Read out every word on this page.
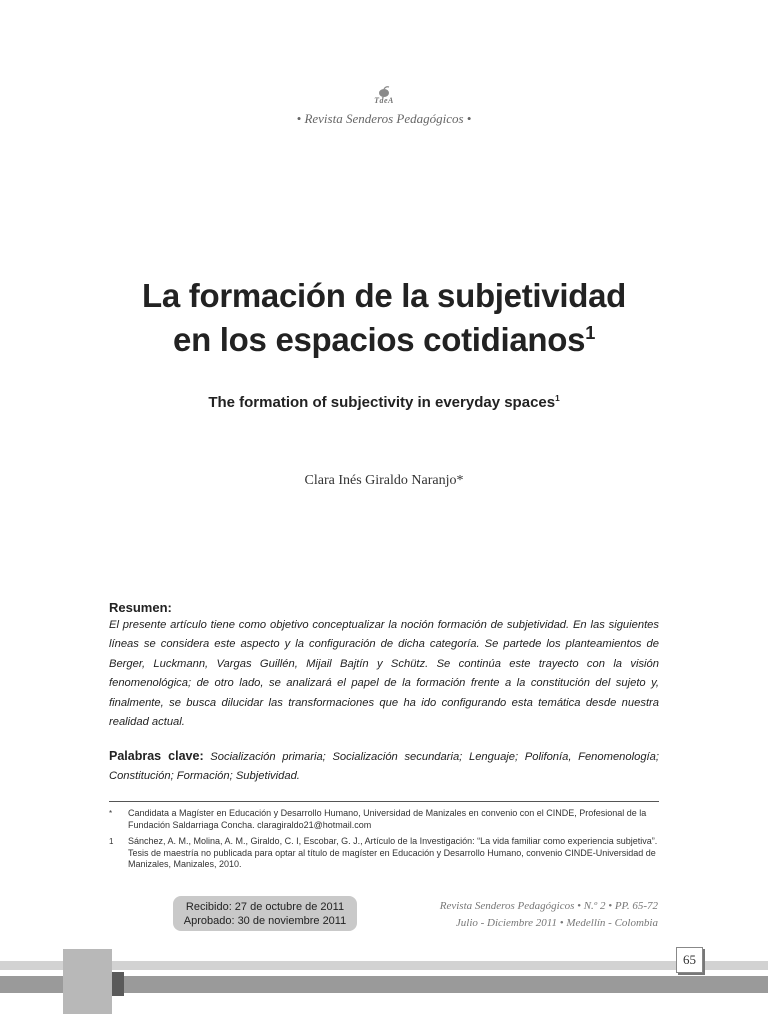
TdeA
• Revista Senderos Pedagógicos •
La formación de la subjetividad
en los espacios cotidianos$^1$
The formation of subjectivity in everyday spaces$^1$
Clara Inés Giraldo Naranjo*
Resumen:
El presente artículo tiene como objetivo conceptualizar la noción formación de subjetividad. En las siguientes líneas se considera este aspecto y la configuración de dicha categoría. Se partede los planteamientos de Berger, Luckmann, Vargas Guillén, Mijail Bajtín y Schütz. Se continúa este trayecto con la visión fenomenológica; de otro lado, se analizará el papel de la formación frente a la constitución del sujeto y, finalmente, se busca dilucidar las transformaciones que ha ido configurando esta temática desde nuestra realidad actual.
Palabras clave: Socialización primaria; Socialización secundaria; Lenguaje; Polifonía, Fenomenología; Constitución; Formación; Subjetividad.
* Candidata a Magíster en Educación y Desarrollo Humano, Universidad de Manizales en convenio con el CINDE, Profesional de la Fundación Saldarriaga Concha. claragiraldo21@hotmail.com
1 Sánchez, A. M., Molina, A. M., Giraldo, C. I, Escobar, G. J., Artículo de la Investigación: “La vida familiar como experiencia subjetiva”. Tesis de maestría no publicada para optar al título de magíster en Educación y Desarrollo Humano, convenio CINDE-Universidad de Manizales, Manizales, 2010.
Recibido: 27 de octubre de 2011
Aprobado: 30 de noviembre 2011
Revista Senderos Pedagógicos • N.º 2 • PP. 65-72
Julio - Diciembre 2011 • Medellín - Colombia
65
